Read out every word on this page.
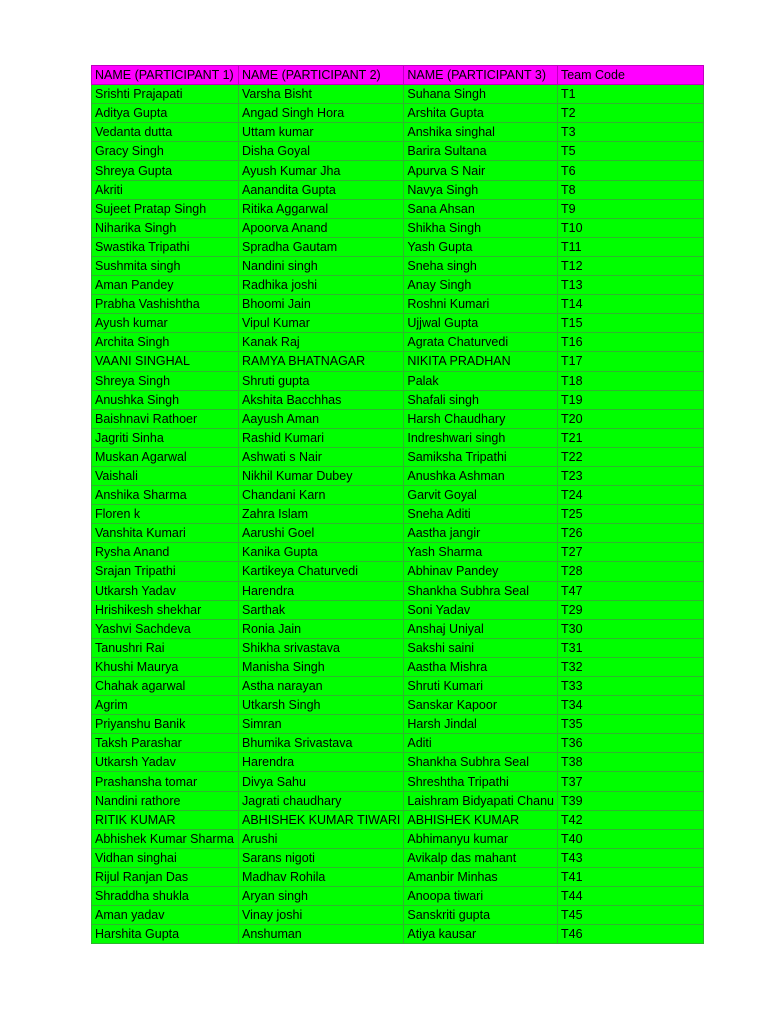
NAME (PARTICIPANT 1)	NAME (PARTICIPANT 2)	NAME (PARTICIPANT 3)	Team Code
Srishti Prajapati	Varsha Bisht	Suhana Singh	T1
Aditya Gupta	Angad Singh Hora	Arshita Gupta	T2
Vedanta dutta	Uttam kumar	Anshika singhal	T3
Gracy Singh	Disha Goyal	Barira Sultana	T5
Shreya Gupta	Ayush Kumar Jha	Apurva S Nair	T6
Akriti	Aanandita Gupta	Navya Singh	T8
Sujeet Pratap Singh	Ritika Aggarwal	Sana Ahsan	T9
Niharika Singh	Apoorva Anand	Shikha Singh	T10
Swastika Tripathi	Spradha Gautam	Yash Gupta	T11
Sushmita singh	Nandini singh	Sneha singh	T12
Aman Pandey	Radhika joshi	Anay Singh	T13
Prabha Vashishtha	Bhoomi Jain	Roshni Kumari	T14
Ayush kumar	Vipul Kumar	Ujjwal Gupta	T15
Archita Singh	Kanak Raj	Agrata Chaturvedi	T16
VAANI SINGHAL	RAMYA BHATNAGAR	NIKITA PRADHAN	T17
Shreya Singh	Shruti gupta	Palak	T18
Anushka Singh	Akshita Bacchhas	Shafali singh	T19
Baishnavi Rathoer	Aayush Aman	Harsh Chaudhary	T20
Jagriti Sinha	Rashid Kumari	Indreshwari singh	T21
Muskan Agarwal	Ashwati s Nair	Samiksha Tripathi	T22
Vaishali	Nikhil Kumar Dubey	Anushka Ashman	T23
Anshika Sharma	Chandani Karn	Garvit Goyal	T24
Floren k	Zahra Islam	Sneha Aditi	T25
Vanshita Kumari	Aarushi Goel	Aastha jangir	T26
Rysha Anand	Kanika Gupta	Yash Sharma	T27
Srajan Tripathi	Kartikeya Chaturvedi	Abhinav Pandey	T28
Utkarsh Yadav	Harendra	Shankha Subhra Seal	T47
Hrishikesh shekhar	Sarthak	Soni Yadav	T29
Yashvi Sachdeva	Ronia Jain	Anshaj Uniyal	T30
Tanushri Rai	Shikha srivastava	Sakshi saini	T31
Khushi Maurya	Manisha Singh	Aastha Mishra	T32
Chahak agarwal	Astha narayan	Shruti Kumari	T33
Agrim	Utkarsh Singh	Sanskar Kapoor	T34
Priyanshu Banik	Simran	Harsh Jindal	T35
Taksh Parashar	Bhumika Srivastava	Aditi	T36
Utkarsh Yadav	Harendra	Shankha Subhra Seal	T38
Prashansha tomar	Divya Sahu	Shreshtha Tripathi	T37
Nandini rathore	Jagrati chaudhary	Laishram Bidyapati Chanu	T39
RITIK KUMAR	ABHISHEK KUMAR TIWARI	ABHISHEK KUMAR	T42
Abhishek Kumar Sharma	Arushi	Abhimanyu kumar	T40
Vidhan singhai	Sarans nigoti	Avikalp das mahant	T43
Rijul Ranjan Das	Madhav Rohila	Amanbir Minhas	T41
Shraddha shukla	Aryan singh	Anoopa tiwari	T44
Aman yadav	Vinay joshi	Sanskriti gupta	T45
Harshita Gupta	Anshuman	Atiya kausar	T46
